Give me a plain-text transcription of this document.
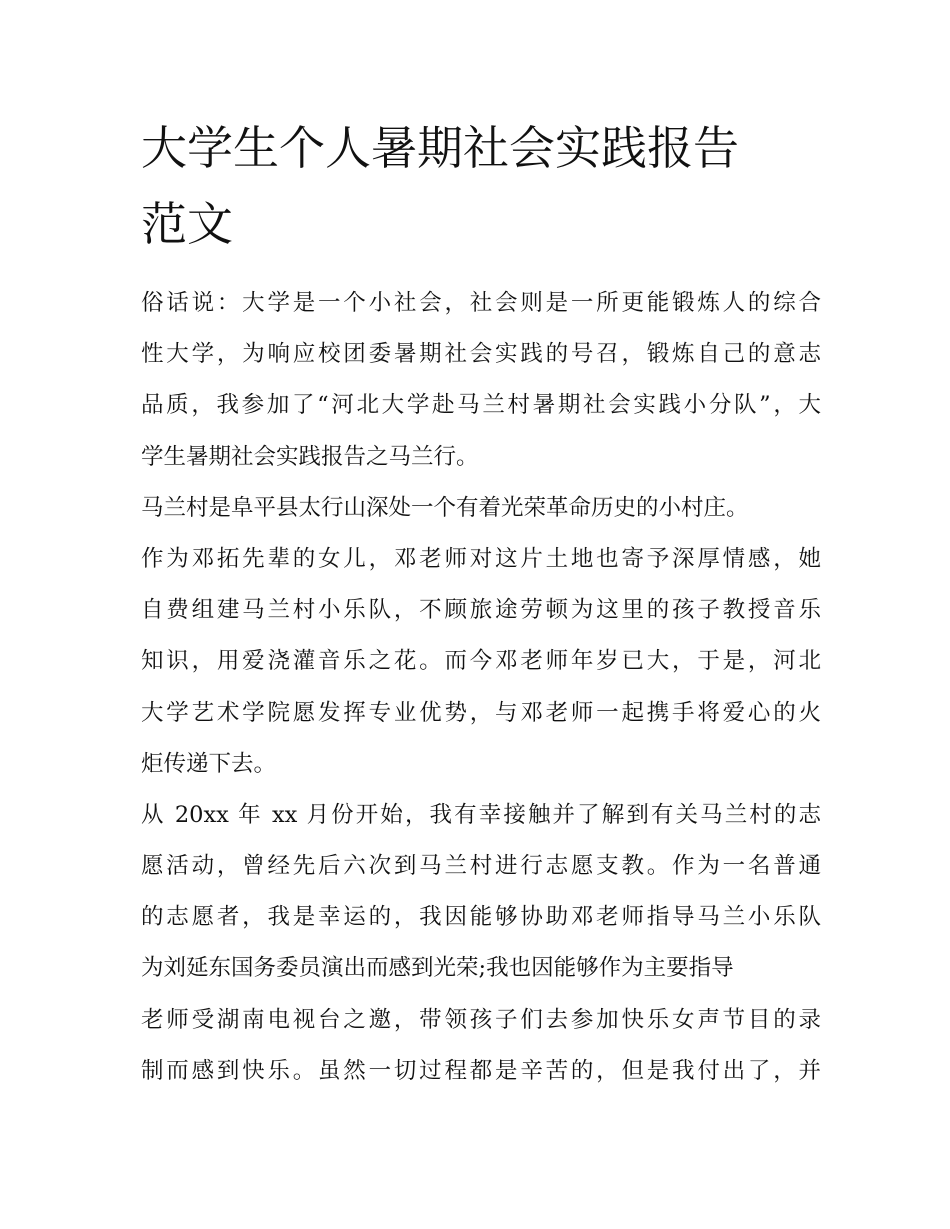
大学生个人暑期社会实践报告
范文
俗话说：大学是一个小社会，社会则是一所更能锻炼人的综合
性大学，为响应校团委暑期社会实践的号召，锻炼自己的意志
品质，我参加了“河北大学赴马兰村暑期社会实践小分队”，大
学生暑期社会实践报告之马兰行。
马兰村是阜平县太行山深处一个有着光荣革命历史的小村庄。
作为邓拓先辈的女儿，邓老师对这片土地也寄予深厚情感，她
自费组建马兰村小乐队，不顾旅途劳顿为这里的孩子教授音乐
知识，用爱浇灌音乐之花。而今邓老师年岁已大，于是，河北
大学艺术学院愿发挥专业优势，与邓老师一起携手将爱心的火
炬传递下去。
从 20xx 年 xx 月份开始，我有幸接触并了解到有关马兰村的志
愿活动，曾经先后六次到马兰村进行志愿支教。作为一名普通
的志愿者，我是幸运的，我因能够协助邓老师指导马兰小乐队
为刘延东国务委员演出而感到光荣;我也因能够作为主要指导
老师受湖南电视台之邀，带领孩子们去参加快乐女声节目的录
制而感到快乐。虽然一切过程都是辛苦的，但是我付出了，并
